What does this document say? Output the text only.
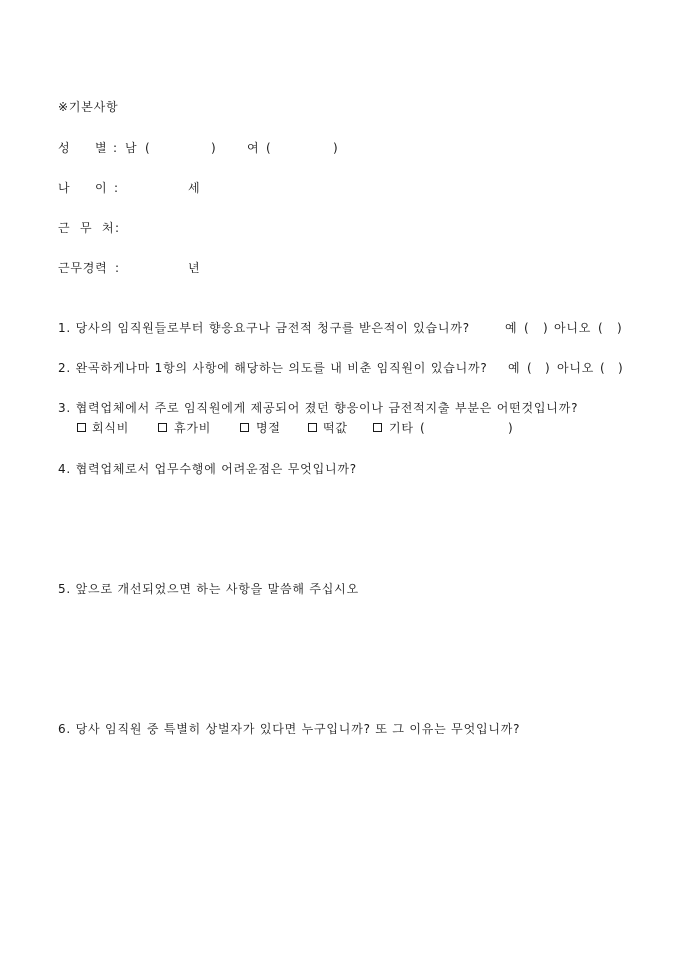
※기본사항
성 별 : 남 (	)	여 (	)
나 이 :	세
근 무 처 :
근무경력 :	년
1. 당사의 임직원들로부터 향응요구나 금전적 청구를 받은적이 있습니까?	예 ( ) 아니오 ( )
2. 완곡하게나마 1항의 사항에 해당하는 의도를 내 비춘 임직원이 있습니까? 예 ( ) 아니오 ( )
3. 협력업체에서 주로 임직원에게 제공되어 졌던 향응이나 금전적지출 부분은 어떤것입니까?
회식비	휴가비	명절	떡값	기타 (	)
4. 협력업체로서 업무수행에 어려운점은 무엇입니까?
5. 앞으로 개선되었으면 하는 사항을 말씀해 주십시오
6. 당사 임직원 중 특별히 상벌자가 있다면 누구입니까? 또 그 이유는 무엇입니까?
